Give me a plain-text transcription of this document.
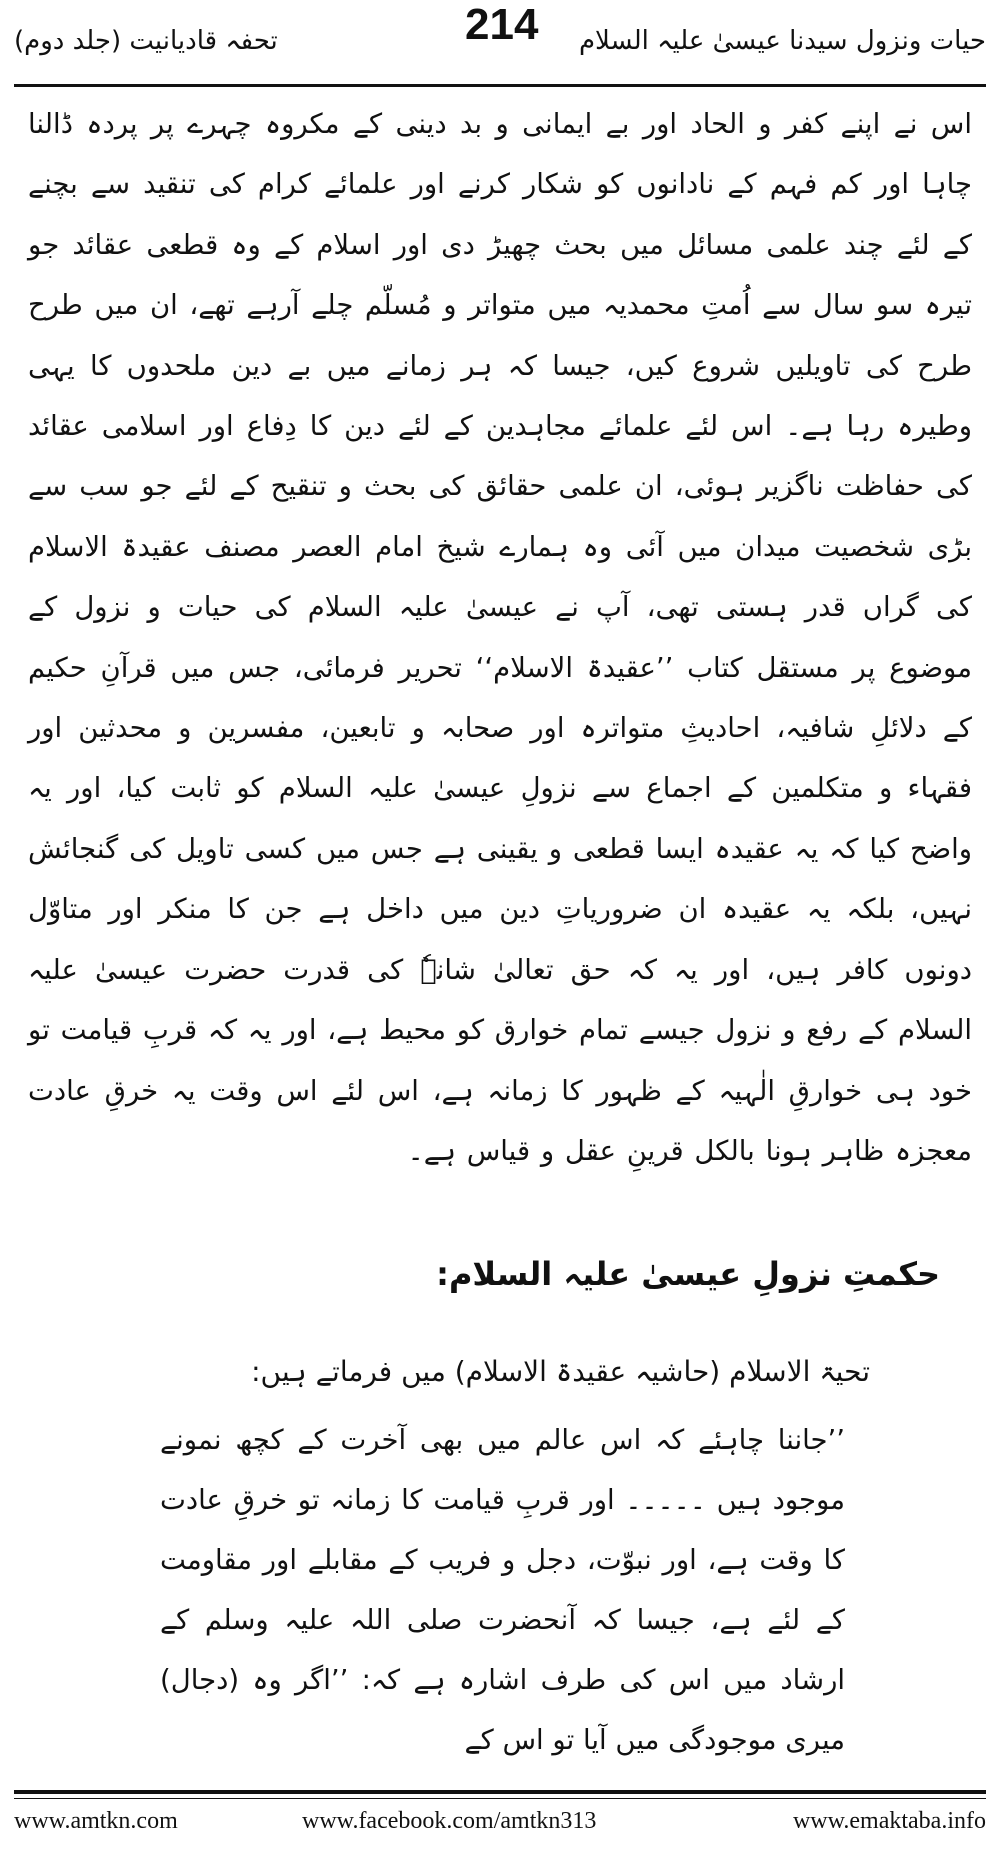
حیات ونزول سیدنا عیسیٰ علیہ السلام
تحفہ قادیانیت (جلد دوم)	214

اس نے اپنے کفر و الحاد اور بے ایمانی و بد دینی کے مکروہ چہرے پر پردہ ڈالنا چاہا اور کم فہم کے نادانوں کو شکار کرنے اور علمائے کرام کی تنقید سے بچنے کے لئے چند علمی مسائل میں بحث چھیڑ دی اور اسلام کے وہ قطعی عقائد جو تیرہ سو سال سے اُمتِ محمدیہ میں متواتر و مُسلّم چلے آرہے تھے، ان میں طرح طرح کی تاویلیں شروع کیں، جیسا کہ ہر زمانے میں بے دین ملحدوں کا یہی وطیرہ رہا ہے۔ اس لئے علمائے مجاہدین کے لئے دین کا دِفاع اور اسلامی عقائد کی حفاظت ناگزیر ہوئی، ان علمی حقائق کی بحث و تنقیح کے لئے جو سب سے بڑی شخصیت میدان میں آئی وہ ہمارے شیخ امام العصر مصنف عقیدۃ الاسلام کی گراں قدر ہستی تھی، آپ نے عیسیٰ علیہ السلام کی حیات و نزول کے موضوع پر مستقل کتاب ’’عقیدۃ الاسلام‘‘ تحریر فرمائی، جس میں قرآنِ حکیم کے دلائلِ شافیہ، احادیثِ متواترہ اور صحابہ و تابعین، مفسرین و محدثین اور فقہاء و متکلمین کے اجماع سے نزولِ عیسیٰ علیہ السلام کو ثابت کیا، اور یہ واضح کیا کہ یہ عقیدہ ایسا قطعی و یقینی ہے جس میں کسی تاویل کی گنجائش نہیں، بلکہ یہ عقیدہ ان ضروریاتِ دین میں داخل ہے جن کا منکر اور متاوّل دونوں کافر ہیں، اور یہ کہ حق تعالیٰ شانہٗ کی قدرت حضرت عیسیٰ علیہ السلام کے رفع و نزول جیسے تمام خوارق کو محیط ہے، اور یہ کہ قربِ قیامت تو خود ہی خوارقِ الٰہیہ کے ظہور کا زمانہ ہے، اس لئے اس وقت یہ خرقِ عادت معجزہ ظاہر ہونا بالکل قرینِ عقل و قیاس ہے۔

حکمتِ نزولِ عیسیٰ علیہ السلام:

تحیۃ الاسلام (حاشیہ عقیدۃ الاسلام) میں فرماتے ہیں:

’’جاننا چاہئے کہ اس عالم میں بھی آخرت کے کچھ نمونے موجود ہیں ۔۔۔۔۔ اور قربِ قیامت کا زمانہ تو خرقِ عادت کا وقت ہے، اور نبوّت، دجل و فریب کے مقابلے اور مقاومت کے لئے ہے، جیسا کہ آنحضرت صلی اللہ علیہ وسلم کے ارشاد میں اس کی طرف اشارہ ہے کہ: ’’اگر وہ (دجال) میری موجودگی میں آیا تو اس کے

www.amtkn.com	www.facebook.com/amtkn313	www.emaktaba.info
